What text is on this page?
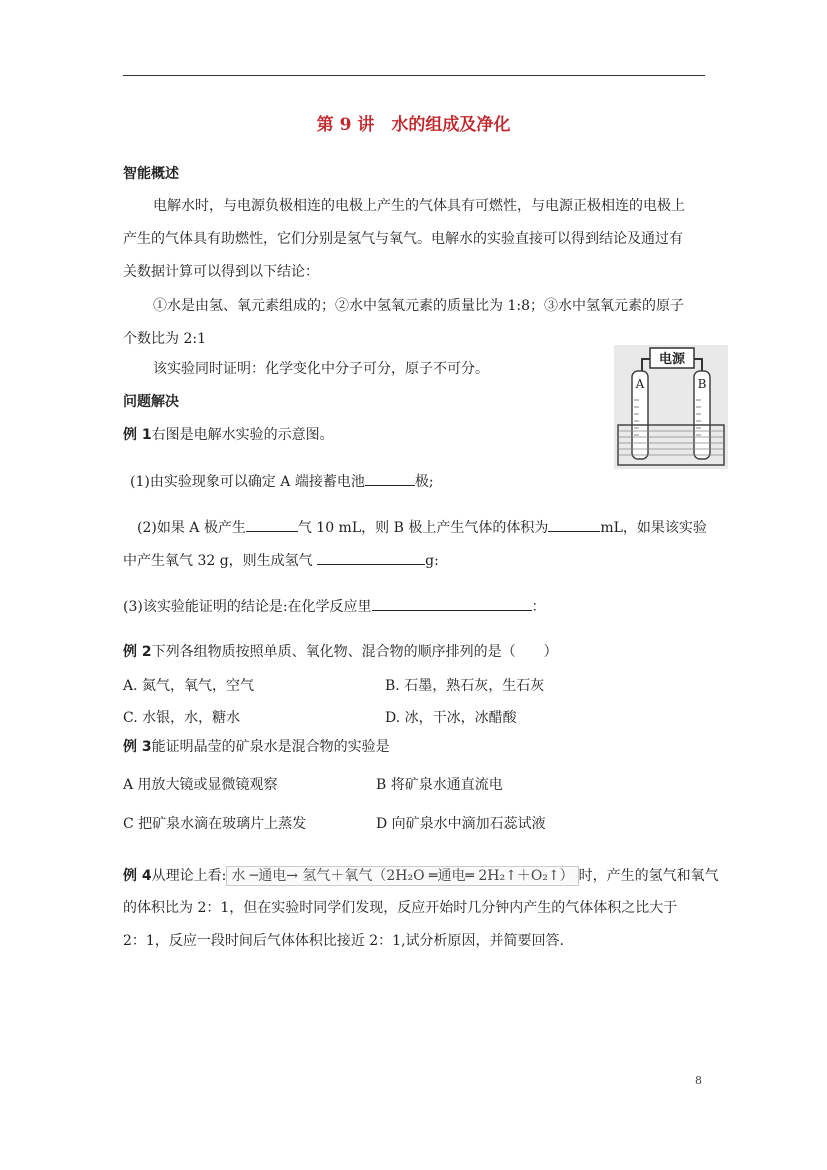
第 9 讲　水的组成及净化
智能概述
电解水时，与电源负极相连的电极上产生的气体具有可燃性，与电源正极相连的电极上
产生的气体具有助燃性，它们分别是氢气与氧气。电解水的实验直接可以得到结论及通过有
关数据计算可以得到以下结论：
①水是由氢、氧元素组成的；②水中氢氧元素的质量比为 1:8；③水中氢氧元素的原子
个数比为 2:1
该实验同时证明：化学变化中分子可分，原子不可分。
电源
A	B
问题解决
例 1右图是电解水实验的示意图。
(1)由实验现象可以确定 A 端接蓄电池	极;
(2)如果 A 极产生	气 10 mL，则 B 极上产生气体的体积为	mL，如果该实验
中产生氧气 32 g，则生成氢气	g:
(3)该实验能证明的结论是:在化学反应里	：
例 2下列各组物质按照单质、氧化物、混合物的顺序排列的是（　　）
A. 氮气，氧气，空气	B. 石墨，熟石灰，生石灰
C. 水银，水，糖水	D. 冰，干冰，冰醋酸
例 3能证明晶莹的矿泉水是混合物的实验是
A 用放大镜或显微镜观察	B 将矿泉水通直流电
C 把矿泉水滴在玻璃片上蒸发	D 向矿泉水中滴加石蕊试液
例 4从理论上看: 水 ─通电→ 氢气＋氧气（2H₂O ═通电═ 2H₂↑＋O₂↑） 时，产生的氢气和氧气
的体积比为 2：1，但在实验时同学们发现，反应开始时几分钟内产生的气体体积之比大于
2：1，反应一段时间后气体体积比接近 2：1,试分析原因，并简要回答.
8
